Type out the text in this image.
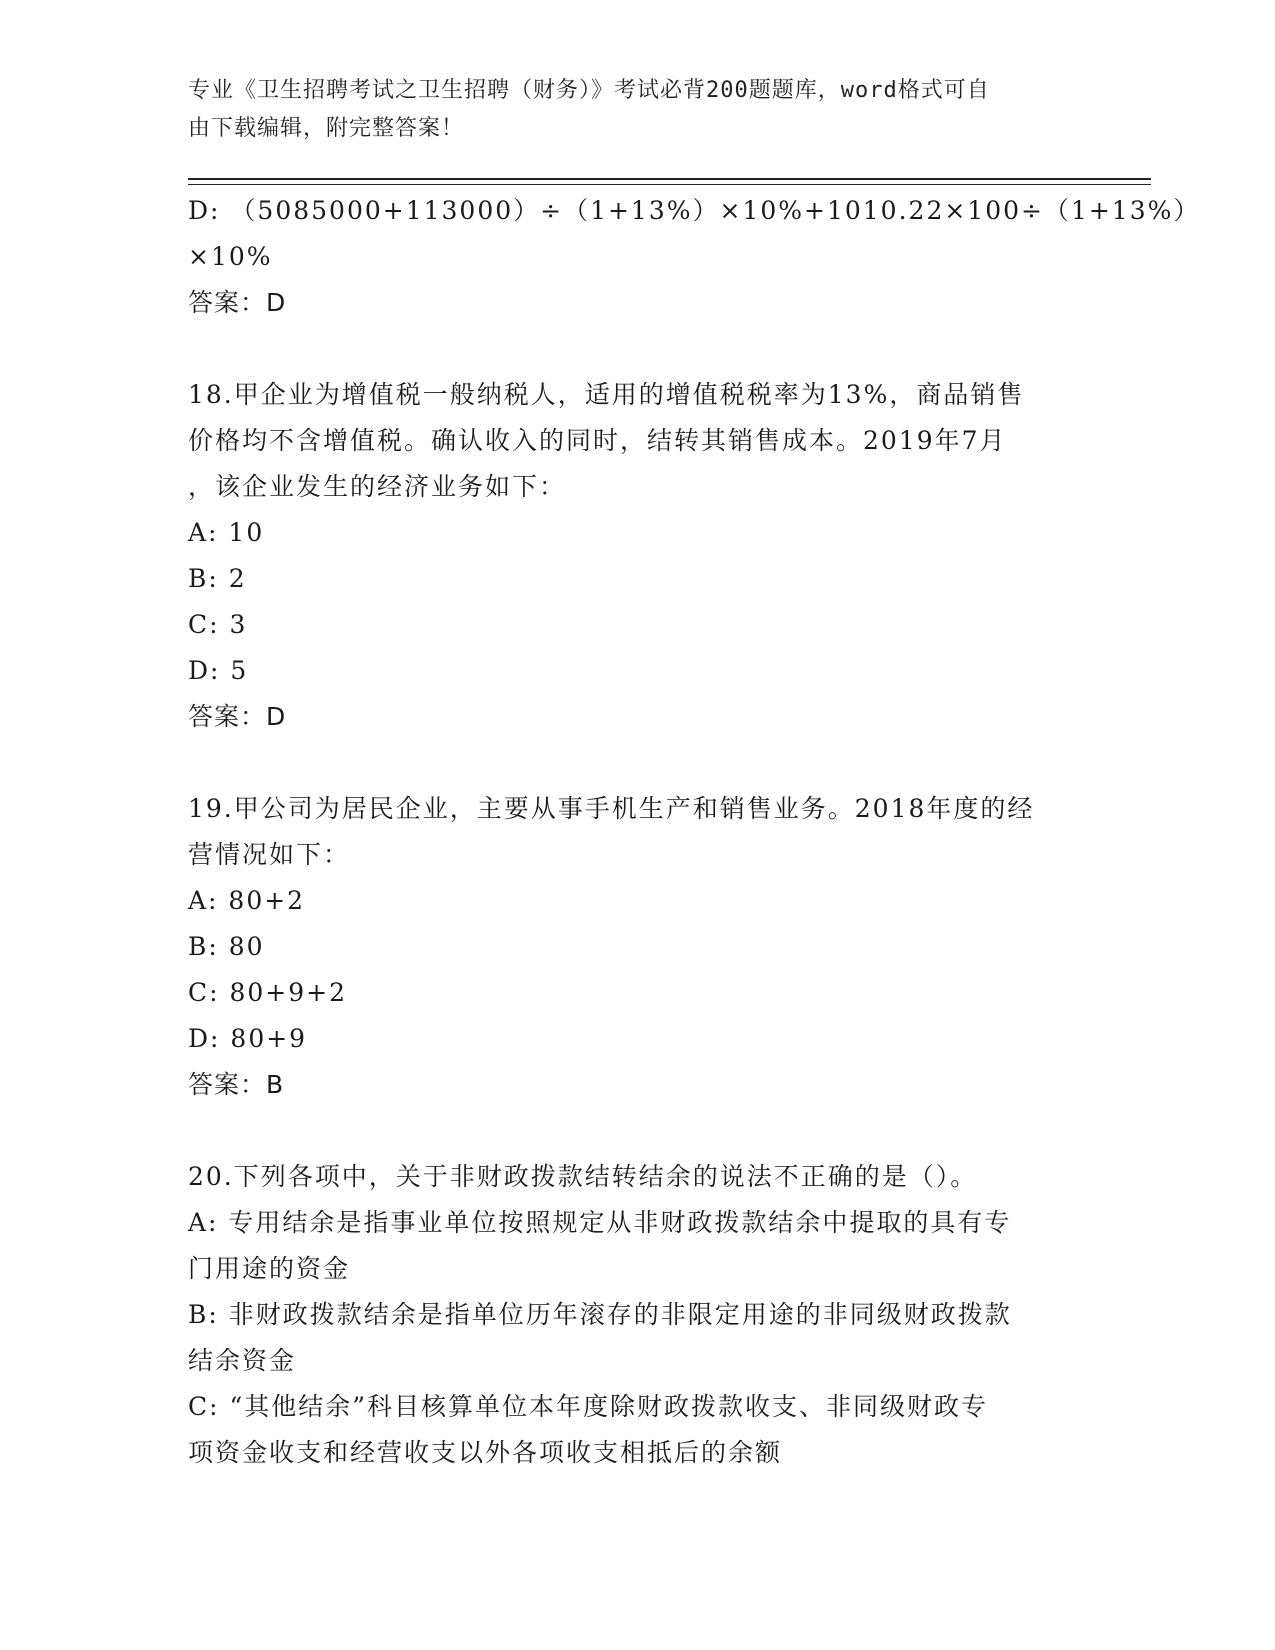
专业《卫生招聘考试之卫生招聘（财务）》考试必背200题题库，word格式可自
由下载编辑，附完整答案！
D: （5085000+113000）÷（1+13%）×10%+1010.22×100÷（1+13%）
×10%
答案：D
18.甲企业为增值税一般纳税人，适用的增值税税率为13%，商品销售
价格均不含增值税。确认收入的同时，结转其销售成本。2019年7月
，该企业发生的经济业务如下：
A: 10
B: 2
C: 3
D: 5
答案：D
19.甲公司为居民企业，主要从事手机生产和销售业务。2018年度的经
营情况如下：
A: 80+2
B: 80
C: 80+9+2
D: 80+9
答案：B
20.下列各项中，关于非财政拨款结转结余的说法不正确的是（）。
A: 专用结余是指事业单位按照规定从非财政拨款结余中提取的具有专
门用途的资金
B: 非财政拨款结余是指单位历年滚存的非限定用途的非同级财政拨款
结余资金
C: “其他结余”科目核算单位本年度除财政拨款收支、非同级财政专
项资金收支和经营收支以外各项收支相抵后的余额
